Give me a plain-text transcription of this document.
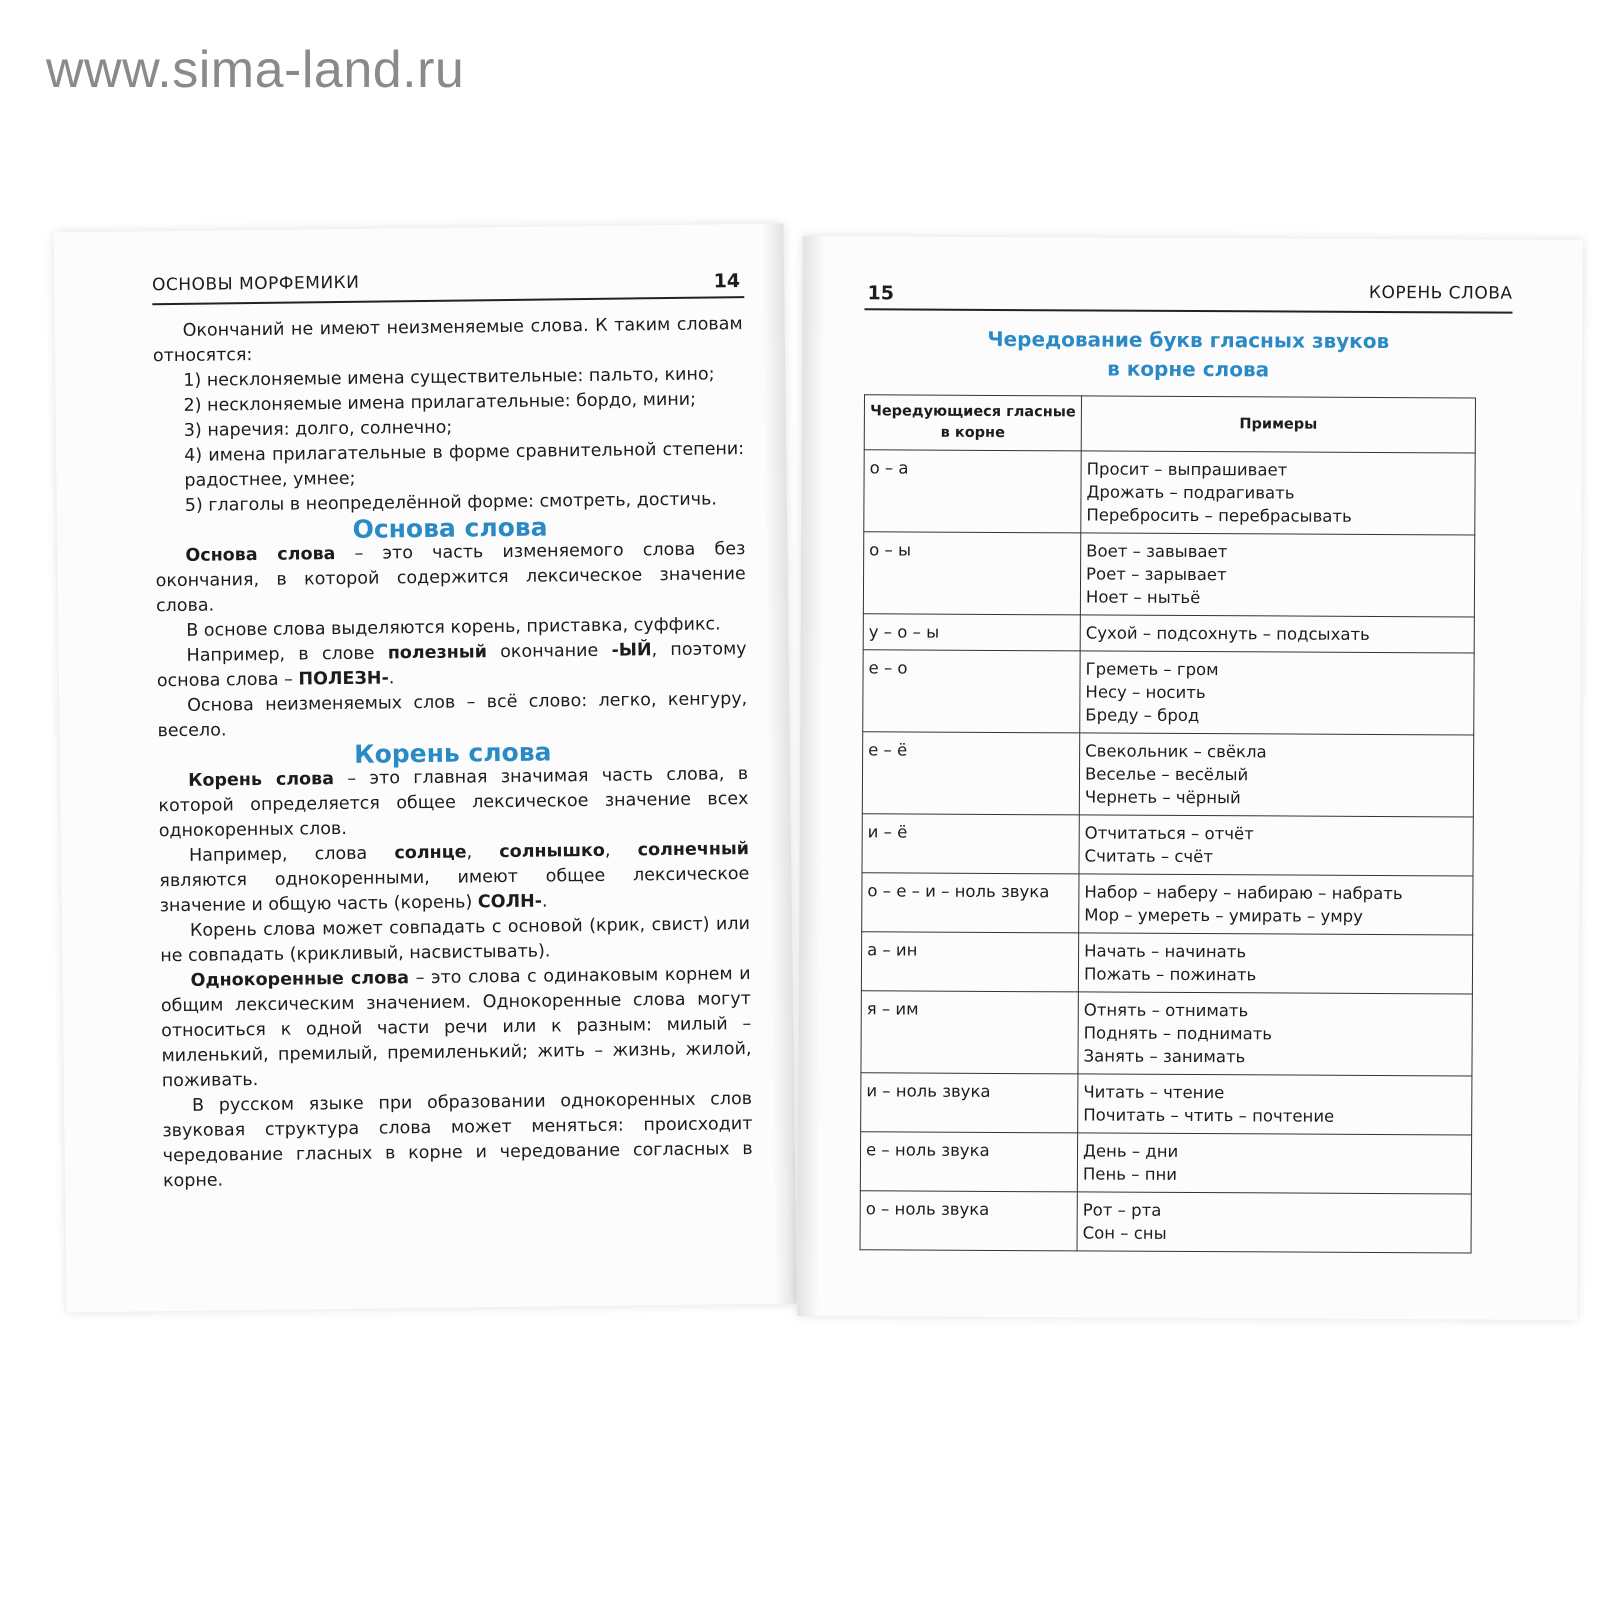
www.sima-land.ru
ОСНОВЫ МОРФЕМИКИ	14

Окончаний не имеют неизменяемые слова. К таким словам относятся:

1) несклоняемые имена существительные: пальто, кино;

2) несклоняемые имена прилагательные: бордо, мини;

3) наречия: долго, солнечно;

4) имена прилагательные в форме сравнительной степени: радостнее, умнее;

5) глаголы в неопределённой форме: смотреть, достичь.

Основа слова

Основа слова – это часть изменяемого слова без окончания, в которой содержится лексическое значение слова.

В основе слова выделяются корень, приставка, суффикс.

Например, в слове полезный окончание -ЫЙ, поэтому основа слова – ПОЛЕЗН-.

Основа неизменяемых слов – всё слово: легко, кенгуру, весело.

Корень слова

Корень слова – это главная значимая часть слова, в которой определяется общее лексическое значение всех однокоренных слов.

Например, слова солнце, солнышко, солнечный являются однокоренными, имеют общее лексическое значение и общую часть (корень) СОЛН-.

Корень слова может совпадать с основой (крик, свист) или не совпадать (крикливый, насвистывать).

Однокоренные слова – это слова с одинаковым корнем и общим лексическим значением. Однокоренные слова могут относиться к одной части речи или к разным: милый – миленький, премилый, премиленький; жить – жизнь, жилой, поживать.

В русском языке при образовании однокоренных слов звуковая структура слова может меняться: происходит чередование гласных в корне и чередование согласных в корне.

15	КОРЕНЬ СЛОВА
Чередование букв гласных звуков
в корне слова
Чередующиеся гласные в корне	Примеры
о – а	Просит – выпрашивает
Дрожать – подрагивать
Перебросить – перебрасывать

о – ы	Воет – завывает
Роет – зарывает
Ноет – нытьё

у – о – ы	Сухой – подсохнуть – подсыхать

е – о	Греметь – гром
Несу – носить
Бреду – брод

е – ё	Свекольник – свёкла
Веселье – весёлый
Чернеть – чёрный

и – ё	Отчитаться – отчёт
Считать – счёт

о – е – и – ноль звука	Набор – наберу – набираю – набрать
Мор – умереть – умирать – умру

а – ин	Начать – начинать
Пожать – пожинать

я – им	Отнять – отнимать
Поднять – поднимать
Занять – занимать

и – ноль звука	Читать – чтение
Почитать – чтить – почтение

е – ноль звука	День – дни
Пень – пни

о – ноль звука	Рот – рта
Сон – сны
